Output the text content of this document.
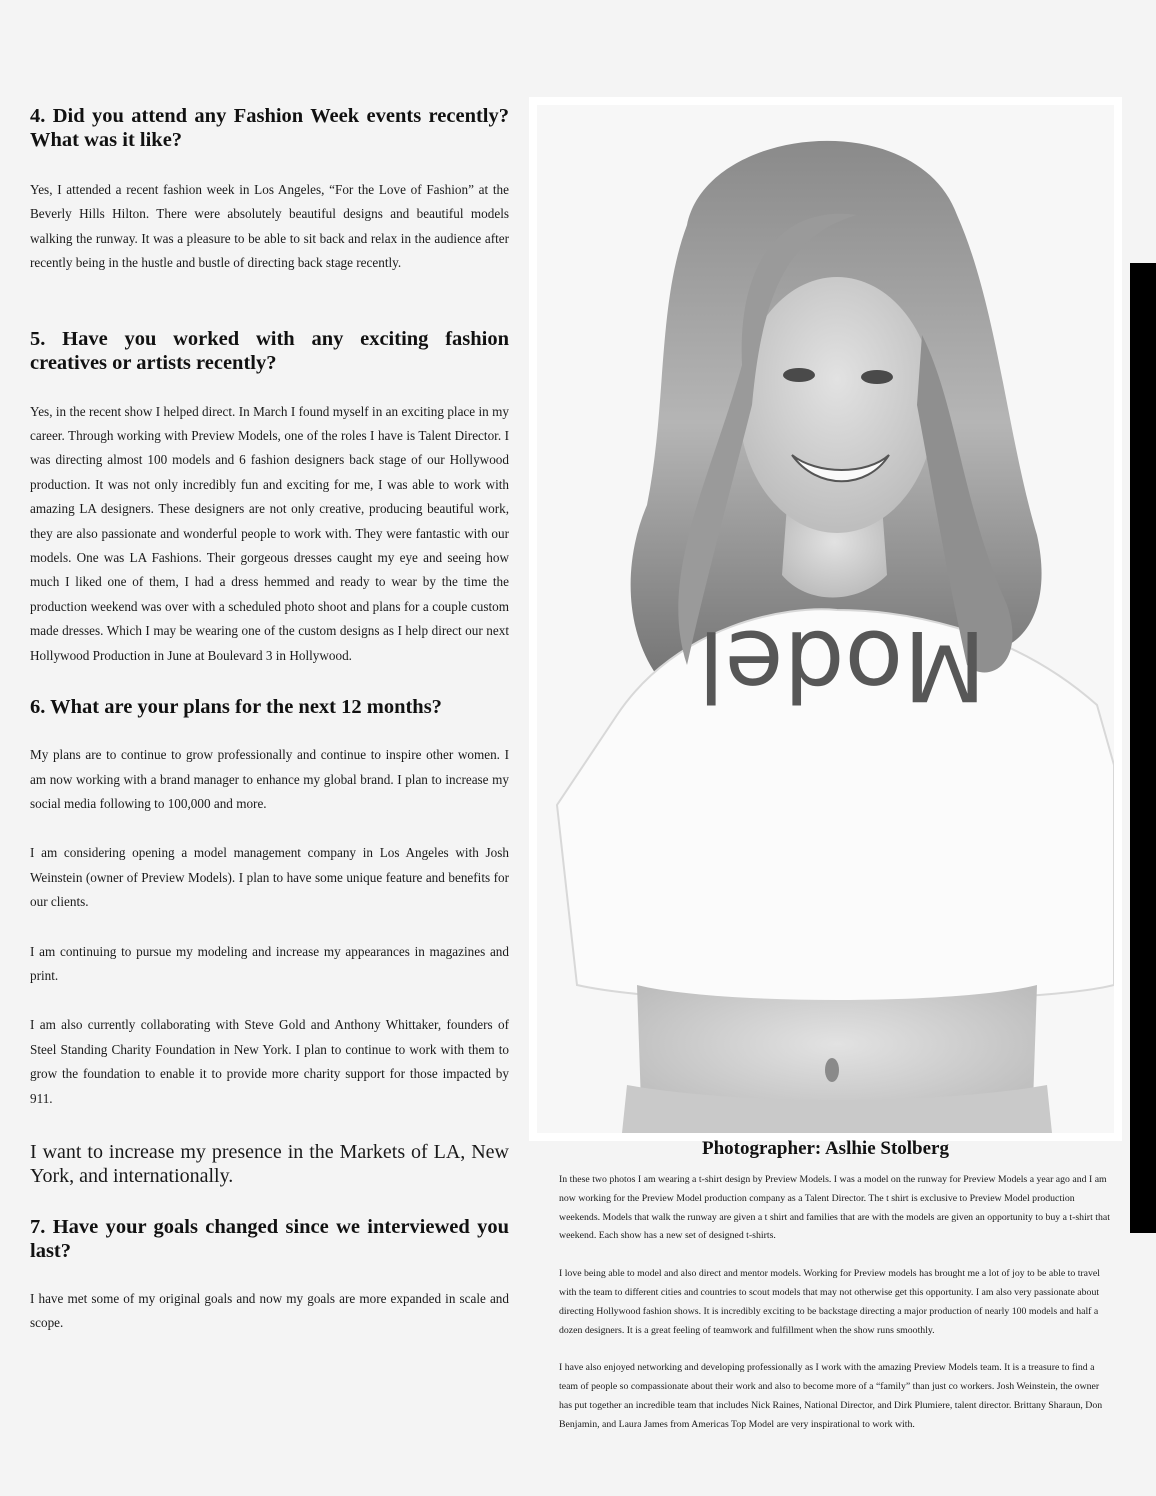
4. Did you attend any Fashion Week events recently? What was it like?

Yes, I attended a recent fashion week in Los Angeles, “For the Love of Fashion” at the Beverly Hills Hilton. There were absolutely beautiful designs and beautiful models walking the runway. It was a pleasure to be able to sit back and relax in the audience after recently being in the hustle and bustle of directing back stage recently.

5. Have you worked with any exciting fashion creatives or artists recently?

Yes, in the recent show I helped direct. In March I found myself in an exciting place in my career. Through working with Preview Models, one of the roles I have is Talent Director. I was directing almost 100 models and 6 fashion designers back stage of our Hollywood production. It was not only incredibly fun and exciting for me, I was able to work with amazing LA designers. These designers are not only creative, producing beautiful work, they are also passionate and wonderful people to work with. They were fantastic with our models. One was LA Fashions. Their gorgeous dresses caught my eye and seeing how much I liked one of them, I had a dress hemmed and ready to wear by the time the production weekend was over with a scheduled photo shoot and plans for a couple custom made dresses. Which I may be wearing one of the custom designs as I help direct our next Hollywood Production in June at Boulevard 3 in Hollywood.

6. What are your plans for the next 12 months?

My plans are to continue to grow professionally and continue to inspire other women. I am now working with a brand manager to enhance my global brand. I plan to increase my social media following to 100,000 and more.

I am considering opening a model management company in Los Angeles with Josh Weinstein (owner of Preview Models). I plan to have some unique feature and benefits for our clients.

I am continuing to pursue my modeling and increase my appearances in magazines and print.

I am also currently collaborating with Steve Gold and Anthony Whittaker, founders of Steel Standing Charity Foundation in New York. I plan to continue to work with them to grow the foundation to enable it to provide more charity support for those impacted by 911.

I want to increase my presence in the Markets of LA, New York, and internationally.

7. Have your goals changed since we interviewed you last?

I have met some of my original goals and now my goals are more expanded in scale and scope.

Model

Photographer: Aslhie Stolberg

In these two photos I am wearing a t-shirt design by Preview Models. I was a model on the runway for Preview Models a year ago and I am now working for the Preview Model production company as a Talent Director. The t shirt is exclusive to Preview Model production weekends. Models that walk the runway are given a t shirt and families that are with the models are given an opportunity to buy a t-shirt that weekend. Each show has a new set of designed t-shirts.

I love being able to model and also direct and mentor models. Working for Preview models has brought me a lot of joy to be able to travel with the team to different cities and countries to scout models that may not otherwise get this opportunity. I am also very passionate about directing Hollywood fashion shows. It is incredibly exciting to be backstage directing a major production of nearly 100 models and half a dozen designers. It is a great feeling of teamwork and fulfillment when the show runs smoothly.

I have also enjoyed networking and developing professionally as I work with the amazing Preview Models team. It is a treasure to find a team of people so compassionate about their work and also to become more of a “family” than just co workers. Josh Weinstein, the owner has put together an incredible team that includes Nick Raines, National Director, and Dirk Plumiere, talent director. Brittany Sharaun, Don Benjamin, and Laura James from Americas Top Model are very inspirational to work with.
